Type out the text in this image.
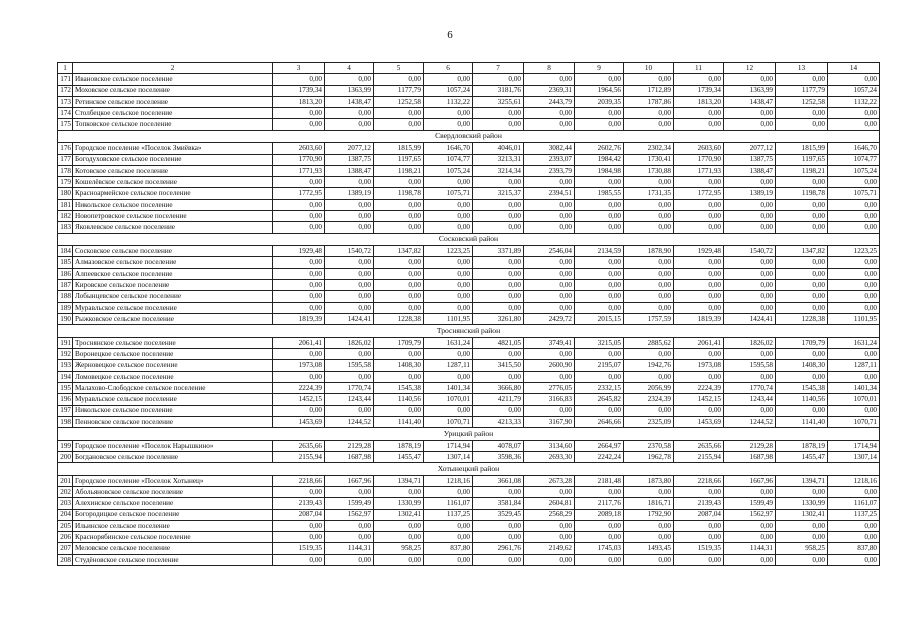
6
1	2	3	4	5	6	7	8	9	10	11	12	13	14
171	Ивановское сельское поселение	0,00	0,00	0,00	0,00	0,00	0,00	0,00	0,00	0,00	0,00	0,00	0,00
172	Моховское сельское поселение	1739,34	1363,99	1177,79	1057,24	3181,76	2369,31	1964,56	1712,89	1739,34	1363,99	1177,79	1057,24
173	Ретинское сельское поселение	1813,20	1438,47	1252,58	1132,22	3255,61	2443,79	2039,35	1787,86	1813,20	1438,47	1252,58	1132,22
174	Столбецкое сельское поселение	0,00	0,00	0,00	0,00	0,00	0,00	0,00	0,00	0,00	0,00	0,00	0,00
175	Топковское сельское поселение	0,00	0,00	0,00	0,00	0,00	0,00	0,00	0,00	0,00	0,00	0,00	0,00
Свердловский район													
176	Городское поселение «Поселок Змиёвка»	2603,60	2077,12	1815,99	1646,70	4046,01	3082,44	2602,76	2302,34	2603,60	2077,12	1815,99	1646,70
177	Богодуховское сельское поселение	1770,90	1387,75	1197,65	1074,77	3213,31	2393,07	1984,42	1730,41	1770,90	1387,75	1197,65	1074,77
178	Котовское сельское поселение	1771,93	1388,47	1198,21	1075,24	3214,34	2393,79	1984,98	1730,88	1771,93	1388,47	1198,21	1075,24
179	Кошелёвское сельское поселение	0,00	0,00	0,00	0,00	0,00	0,00	0,00	0,00	0,00	0,00	0,00	0,00
180	Красноармейское сельское поселение	1772,95	1389,19	1198,78	1075,71	3215,37	2394,51	1985,55	1731,35	1772,95	1389,19	1198,78	1075,71
181	Никольское сельское поселение	0,00	0,00	0,00	0,00	0,00	0,00	0,00	0,00	0,00	0,00	0,00	0,00
182	Новопетровское сельское поселение	0,00	0,00	0,00	0,00	0,00	0,00	0,00	0,00	0,00	0,00	0,00	0,00
183	Яковлевское сельское поселение	0,00	0,00	0,00	0,00	0,00	0,00	0,00	0,00	0,00	0,00	0,00	0,00
Сосковский район													
184	Сосковское сельское поселение	1929,48	1540,72	1347,82	1223,25	3371,89	2546,04	2134,59	1878,90	1929,48	1540,72	1347,82	1223,25
185	Алмазовское сельское поселение	0,00	0,00	0,00	0,00	0,00	0,00	0,00	0,00	0,00	0,00	0,00	0,00
186	Алпеевское сельское поселение	0,00	0,00	0,00	0,00	0,00	0,00	0,00	0,00	0,00	0,00	0,00	0,00
187	Кировское сельское поселение	0,00	0,00	0,00	0,00	0,00	0,00	0,00	0,00	0,00	0,00	0,00	0,00
188	Лобынцевское сельское поселение	0,00	0,00	0,00	0,00	0,00	0,00	0,00	0,00	0,00	0,00	0,00	0,00
189	Муравльское сельское поселение	0,00	0,00	0,00	0,00	0,00	0,00	0,00	0,00	0,00	0,00	0,00	0,00
190	Рыжковское сельское поселение	1819,39	1424,41	1228,38	1101,95	3261,80	2429,72	2015,15	1757,59	1819,39	1424,41	1228,38	1101,95
Троснянский район													
191	Троснянское сельское поселение	2061,41	1826,02	1709,79	1631,24	4821,05	3749,41	3215,05	2885,62	2061,41	1826,02	1709,79	1631,24
192	Воронецкое сельское поселение	0,00	0,00	0,00	0,00	0,00	0,00	0,00	0,00	0,00	0,00	0,00	0,00
193	Жерновецкое сельское поселение	1973,08	1595,58	1408,30	1287,11	3415,50	2600,90	2195,07	1942,76	1973,08	1595,58	1408,30	1287,11
194	Ломовецкое сельское поселение	0,00	0,00	0,00	0,00	0,00	0,00	0,00	0,00	0,00	0,00	0,00	0,00
195	Малахово-Слободское сельское поселение	2224,39	1770,74	1545,38	1401,34	3666,80	2776,05	2332,15	2056,99	2224,39	1770,74	1545,38	1401,34
196	Муравльское сельское поселение	1452,15	1243,44	1140,56	1070,01	4211,79	3166,83	2645,82	2324,39	1452,15	1243,44	1140,56	1070,01
197	Никольское сельское поселение	0,00	0,00	0,00	0,00	0,00	0,00	0,00	0,00	0,00	0,00	0,00	0,00
198	Пенновское сельское поселение	1453,69	1244,52	1141,40	1070,71	4213,33	3167,90	2646,66	2325,09	1453,69	1244,52	1141,40	1070,71
Урицкий район													
199	Городское поселение «Поселок Нарышкино»	2635,66	2129,28	1878,19	1714,94	4078,07	3134,60	2664,97	2370,58	2635,66	2129,28	1878,19	1714,94
200	Богдановское сельское поселение	2155,94	1687,98	1455,47	1307,14	3598,36	2693,30	2242,24	1962,78	2155,94	1687,98	1455,47	1307,14
Хотынецкий район													
201	Городское поселение «Поселок Хотынец»	2218,66	1667,96	1394,71	1218,16	3661,08	2673,28	2181,48	1873,80	2218,66	1667,96	1394,71	1218,16
202	Абольяновское сельское поселение	0,00	0,00	0,00	0,00	0,00	0,00	0,00	0,00	0,00	0,00	0,00	0,00
203	Алехинское сельское поселение	2139,43	1599,49	1330,99	1161,07	3581,84	2604,81	2117,76	1816,71	2139,43	1599,49	1330,99	1161,07
204	Богородицкое сельское поселение	2087,04	1562,97	1302,41	1137,25	3529,45	2568,29	2089,18	1792,90	2087,04	1562,97	1302,41	1137,25
205	Ильинское сельское поселение	0,00	0,00	0,00	0,00	0,00	0,00	0,00	0,00	0,00	0,00	0,00	0,00
206	Краснорябинское сельское поселение	0,00	0,00	0,00	0,00	0,00	0,00	0,00	0,00	0,00	0,00	0,00	0,00
207	Меловское сельское поселение	1519,35	1144,31	958,25	837,80	2961,76	2149,62	1745,03	1493,45	1519,35	1144,31	958,25	837,80
208	Студёновское сельское поселение	0,00	0,00	0,00	0,00	0,00	0,00	0,00	0,00	0,00	0,00	0,00	0,00
